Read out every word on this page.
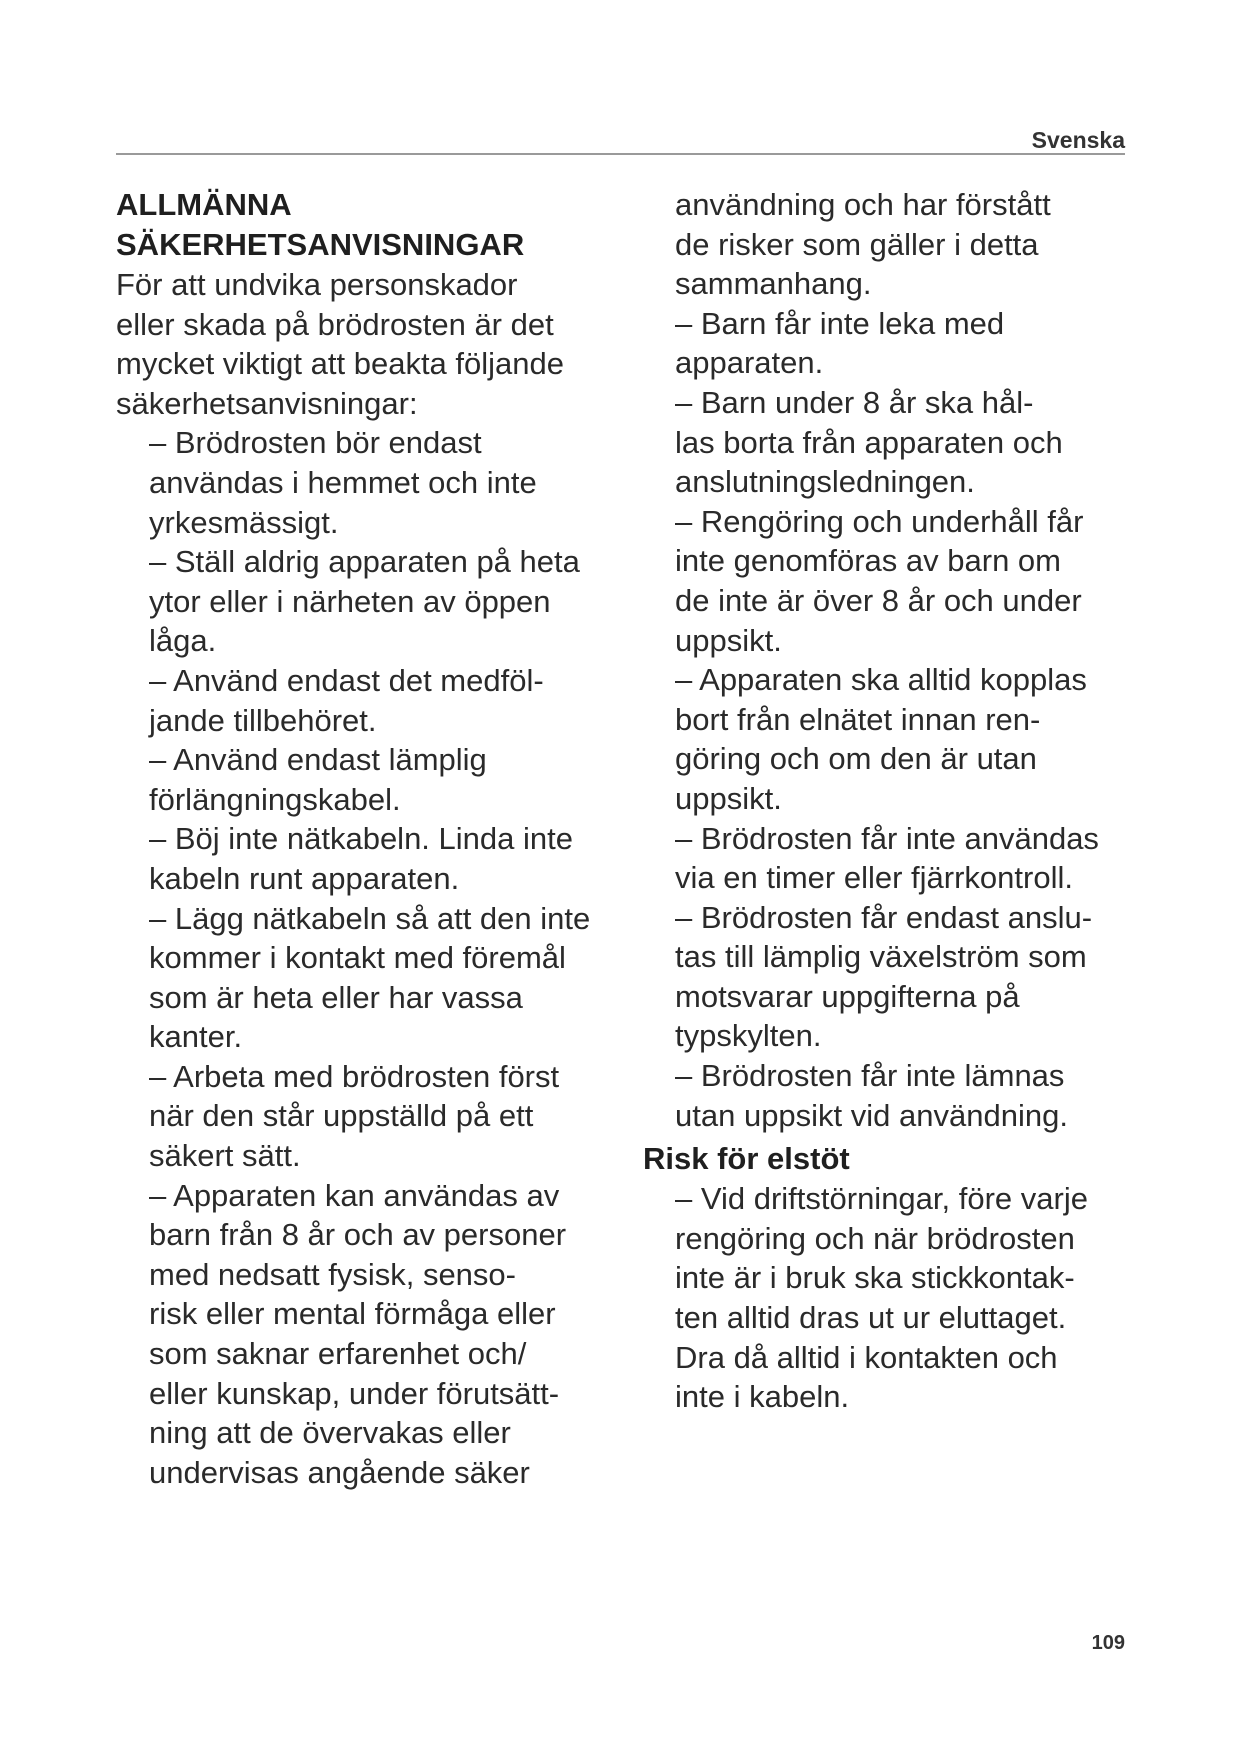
Svenska
ALLMÄNNA
SÄKERHETSANVISNINGAR
För att undvika personskador
eller skada på brödrosten är det
mycket viktigt att beakta följande
säkerhetsanvisningar:
– Brödrosten bör endast
användas i hemmet och inte
yrkesmässigt.
– Ställ aldrig apparaten på heta
ytor eller i närheten av öppen
låga.
– Använd endast det medföl-
jande tillbehöret.
– Använd endast lämplig
förlängningskabel.
– Böj inte nätkabeln. Linda inte
kabeln runt apparaten.
– Lägg nätkabeln så att den inte
kommer i kontakt med föremål
som är heta eller har vassa
kanter.
– Arbeta med brödrosten först
när den står uppställd på ett
säkert sätt.
– Apparaten kan användas av
barn från 8 år och av personer
med nedsatt fysisk, senso-
risk eller mental förmåga eller
som saknar erfarenhet och/
eller kunskap, under förutsätt-
ning att de övervakas eller
undervisas angående säker
användning och har förstått
de risker som gäller i detta
sammanhang.
– Barn får inte leka med
apparaten.
– Barn under 8 år ska hål-
las borta från apparaten och
anslutningsledningen.
– Rengöring och underhåll får
inte genomföras av barn om
de inte är över 8 år och under
uppsikt.
– Apparaten ska alltid kopplas
bort från elnätet innan ren-
göring och om den är utan
uppsikt.
– Brödrosten får inte användas
via en timer eller fjärrkontroll.
– Brödrosten får endast anslu-
tas till lämplig växelström som
motsvarar uppgifterna på
typskylten.
– Brödrosten får inte lämnas
utan uppsikt vid användning.
Risk för elstöt
– Vid driftstörningar, före varje
rengöring och när brödrosten
inte är i bruk ska stickkontak-
ten alltid dras ut ur eluttaget.
Dra då alltid i kontakten och
inte i kabeln.
109
